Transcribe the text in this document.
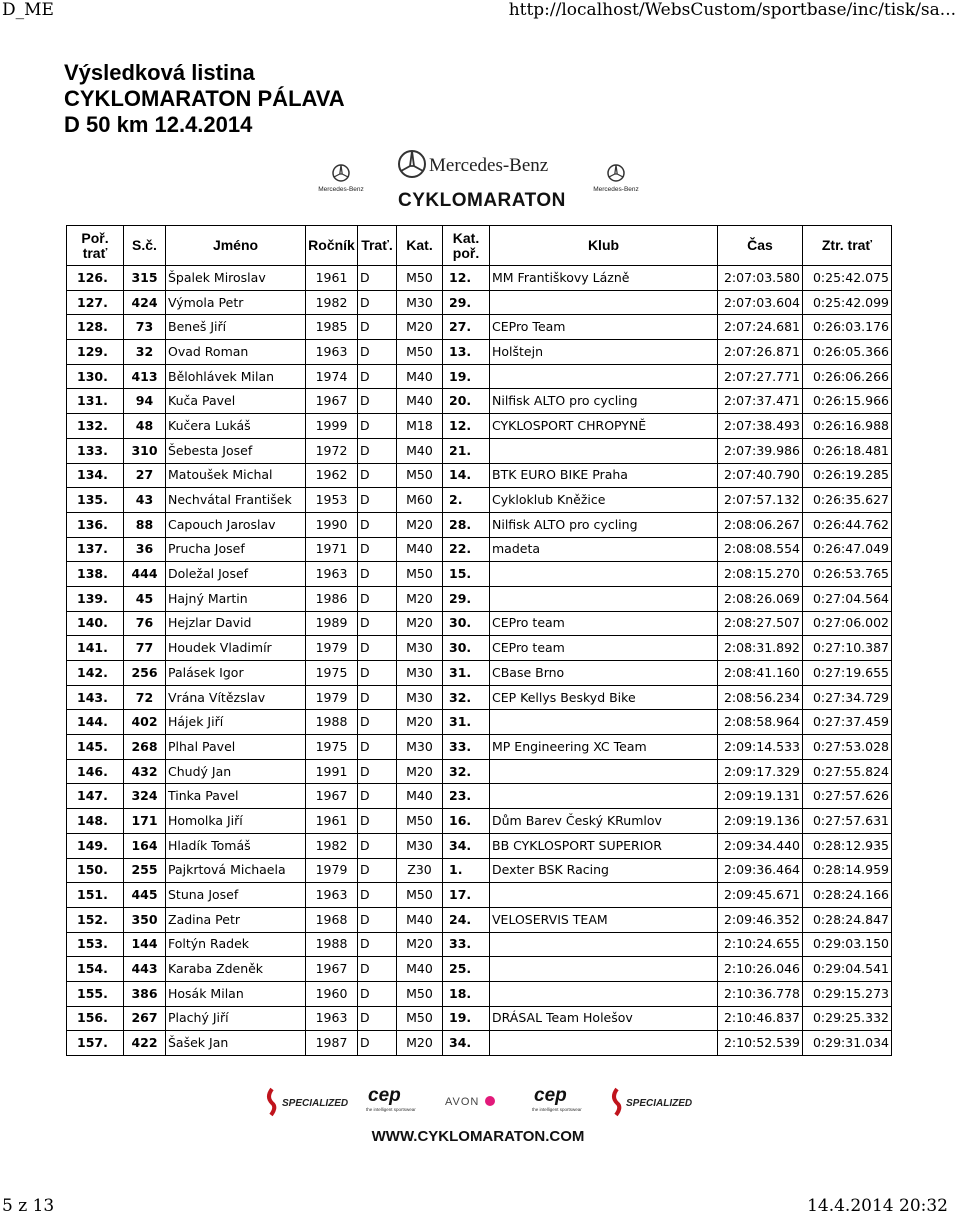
D_ME	http://localhost/WebsCustom/sportbase/inc/tisk/sa...
Výsledková listina
CYKLOMARATON PÁLAVA
D 50 km 12.4.2014
Mercedes-Benz
Mercedes-Benz
CYKLOMARATON
Mercedes-Benz
Poř. trať	S.č.	Jméno	Ročník	Trať.	Kat.	Kat. poř.	Klub	Čas	Ztr. trať
126.	315	Špalek Miroslav	1961	D	M50	12.	MM Františkovy Lázně	2:07:03.580	0:25:42.075
127.	424	Výmola Petr	1982	D	M30	29.		2:07:03.604	0:25:42.099
128.	73	Beneš Jiří	1985	D	M20	27.	CEPro Team	2:07:24.681	0:26:03.176
129.	32	Ovad Roman	1963	D	M50	13.	Holštejn	2:07:26.871	0:26:05.366
130.	413	Bělohlávek Milan	1974	D	M40	19.		2:07:27.771	0:26:06.266
131.	94	Kuča Pavel	1967	D	M40	20.	Nilfisk ALTO pro cycling	2:07:37.471	0:26:15.966
132.	48	Kučera Lukáš	1999	D	M18	12.	CYKLOSPORT CHROPYNĚ	2:07:38.493	0:26:16.988
133.	310	Šebesta Josef	1972	D	M40	21.		2:07:39.986	0:26:18.481
134.	27	Matoušek Michal	1962	D	M50	14.	BTK EURO BIKE Praha	2:07:40.790	0:26:19.285
135.	43	Nechvátal František	1953	D	M60	2.	Cykloklub Kněžice	2:07:57.132	0:26:35.627
136.	88	Capouch Jaroslav	1990	D	M20	28.	Nilfisk ALTO pro cycling	2:08:06.267	0:26:44.762
137.	36	Prucha Josef	1971	D	M40	22.	madeta	2:08:08.554	0:26:47.049
138.	444	Doležal Josef	1963	D	M50	15.		2:08:15.270	0:26:53.765
139.	45	Hajný Martin	1986	D	M20	29.		2:08:26.069	0:27:04.564
140.	76	Hejzlar David	1989	D	M20	30.	CEPro team	2:08:27.507	0:27:06.002
141.	77	Houdek Vladimír	1979	D	M30	30.	CEPro team	2:08:31.892	0:27:10.387
142.	256	Palásek Igor	1975	D	M30	31.	CBase Brno	2:08:41.160	0:27:19.655
143.	72	Vrána Vítězslav	1979	D	M30	32.	CEP Kellys Beskyd Bike	2:08:56.234	0:27:34.729
144.	402	Hájek Jiří	1988	D	M20	31.		2:08:58.964	0:27:37.459
145.	268	Plhal Pavel	1975	D	M30	33.	MP Engineering XC Team	2:09:14.533	0:27:53.028
146.	432	Chudý Jan	1991	D	M20	32.		2:09:17.329	0:27:55.824
147.	324	Tinka Pavel	1967	D	M40	23.		2:09:19.131	0:27:57.626
148.	171	Homolka Jiří	1961	D	M50	16.	Dům Barev Český KRumlov	2:09:19.136	0:27:57.631
149.	164	Hladík Tomáš	1982	D	M30	34.	BB CYKLOSPORT SUPERIOR	2:09:34.440	0:28:12.935
150.	255	Pajkrtová Michaela	1979	D	Z30	1.	Dexter BSK Racing	2:09:36.464	0:28:14.959
151.	445	Stuna Josef	1963	D	M50	17.		2:09:45.671	0:28:24.166
152.	350	Zadina Petr	1968	D	M40	24.	VELOSERVIS TEAM	2:09:46.352	0:28:24.847
153.	144	Foltýn Radek	1988	D	M20	33.		2:10:24.655	0:29:03.150
154.	443	Karaba Zdeněk	1967	D	M40	25.		2:10:26.046	0:29:04.541
155.	386	Hosák Milan	1960	D	M50	18.		2:10:36.778	0:29:15.273
156.	267	Plachý Jiří	1963	D	M50	19.	DRÁSAL Team Holešov	2:10:46.837	0:29:25.332
157.	422	Šašek Jan	1987	D	M20	34.		2:10:52.539	0:29:31.034
SPECIALIZED cep
the intelligent sportswear
AVON	cep
the intelligent sportswear
SPECIALIZED
WWW.CYKLOMARATON.COM
5 z 13	14.4.2014 20:32
